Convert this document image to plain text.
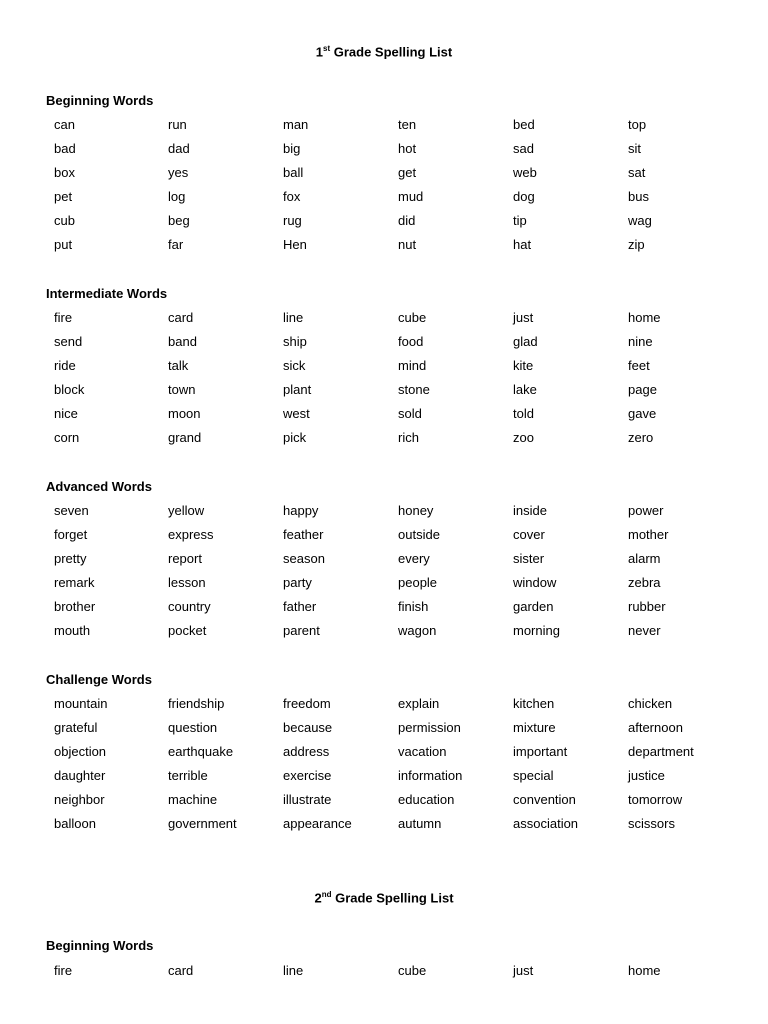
1st Grade Spelling List
Beginning Words
can	run	man	ten	bed	top
bad	dad	big	hot	sad	sit
box	yes	ball	get	web	sat
pet	log	fox	mud	dog	bus
cub	beg	rug	did	tip	wag
put	far	Hen	nut	hat	zip
Intermediate Words
fire	card	line	cube	just	home
send	band	ship	food	glad	nine
ride	talk	sick	mind	kite	feet
block	town	plant	stone	lake	page
nice	moon	west	sold	told	gave
corn	grand	pick	rich	zoo	zero
Advanced Words
seven	yellow	happy	honey	inside	power
forget	express	feather	outside	cover	mother
pretty	report	season	every	sister	alarm
remark	lesson	party	people	window	zebra
brother	country	father	finish	garden	rubber
mouth	pocket	parent	wagon	morning	never
Challenge Words
mountain	friendship	freedom	explain	kitchen	chicken
grateful	question	because	permission	mixture	afternoon
objection	earthquake	address	vacation	important	department
daughter	terrible	exercise	information	special	justice
neighbor	machine	illustrate	education	convention	tomorrow
balloon	government	appearance	autumn	association	scissors
2nd Grade Spelling List
Beginning Words
fire	card	line	cube	just	home
